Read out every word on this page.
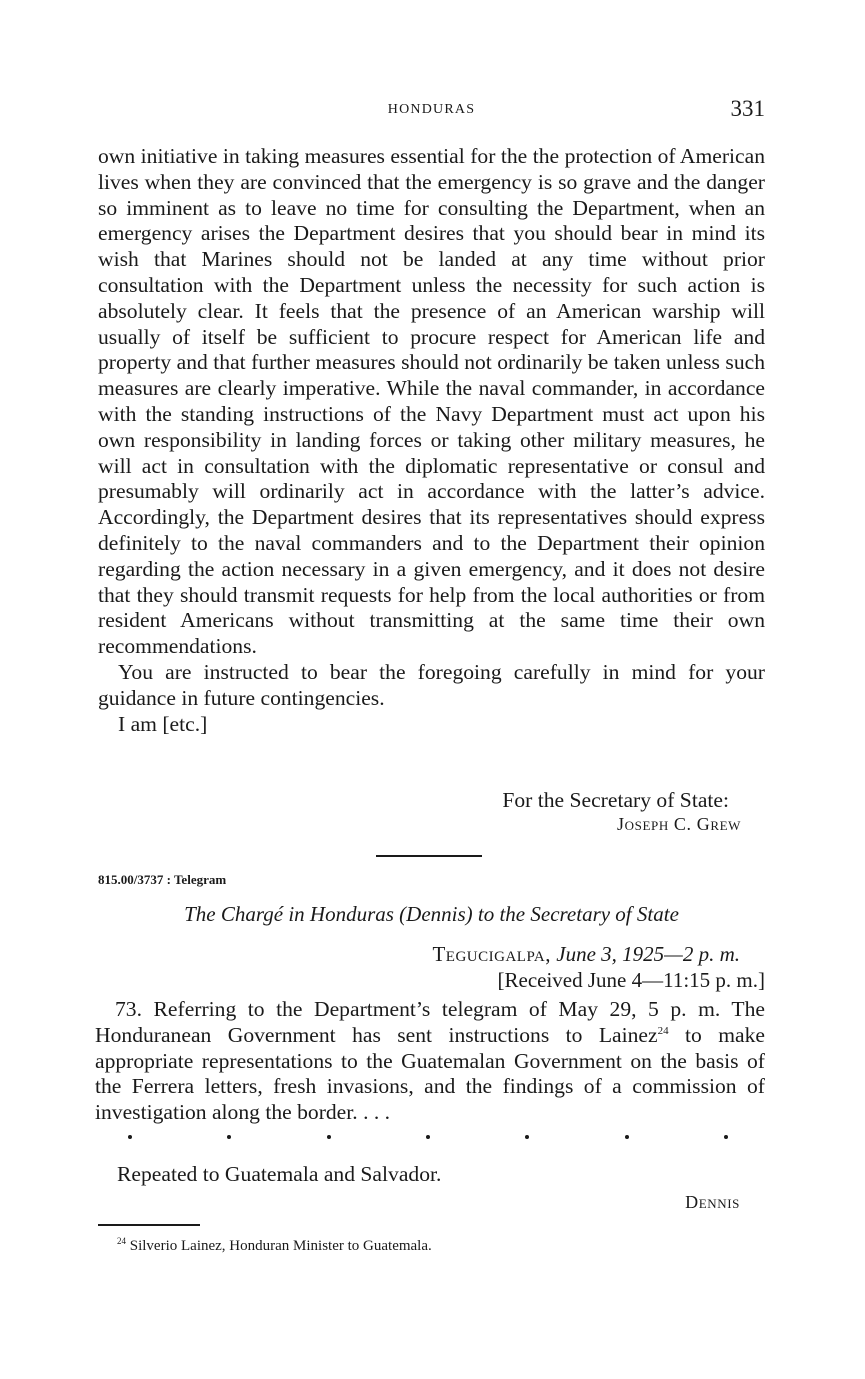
HONDURAS	331

own initiative in taking measures essential for the the protection of American lives when they are convinced that the emergency is so grave and the danger so imminent as to leave no time for consulting the Department, when an emergency arises the Department desires that you should bear in mind its wish that Marines should not be landed at any time without prior consultation with the Department unless the necessity for such action is absolutely clear. It feels that the presence of an American warship will usually of itself be sufficient to procure respect for American life and property and that further measures should not ordinarily be taken unless such measures are clearly imperative. While the naval commander, in accordance with the standing instructions of the Navy Department must act upon his own responsibility in landing forces or taking other military measures, he will act in consultation with the diplomatic representative or consul and presumably will ordinarily act in accordance with the latter’s advice. Accordingly, the Department desires that its representatives should express definitely to the naval commanders and to the Department their opinion regarding the action necessary in a given emergency, and it does not desire that they should transmit requests for help from the local authorities or from resident Americans without transmitting at the same time their own recommendations.

You are instructed to bear the foregoing carefully in mind for your guidance in future contingencies.

I am [etc.]

For the Secretary of State:
Joseph C. Grew
815.00/3737 : Telegram
The Chargé in Honduras (Dennis) to the Secretary of State
Tegucigalpa, June 3, 1925—2 p. m.
[Received June 4—11:15 p. m.]

73. Referring to the Department’s telegram of May 29, 5 p. m. The Honduranean Government has sent instructions to Lainez$^{24}$ to make appropriate representations to the Guatemalan Government on the basis of the Ferrera letters, fresh invasions, and the findings of a commission of investigation along the border. . . .

Repeated to Guatemala and Salvador.
Dennis
$^{24}$ Silverio Lainez, Honduran Minister to Guatemala.
